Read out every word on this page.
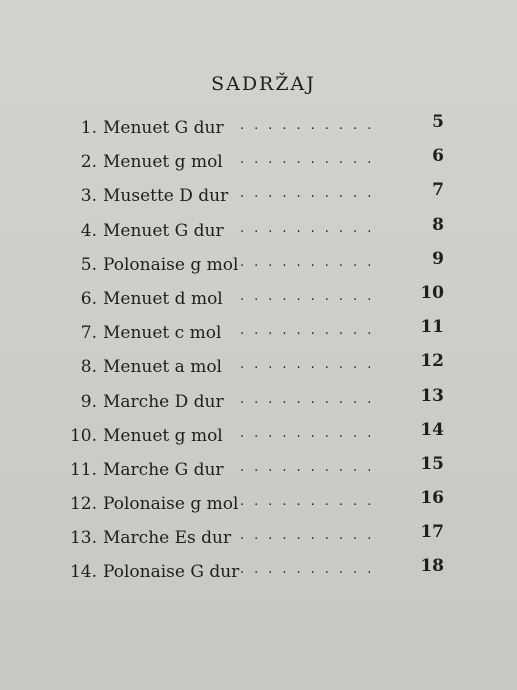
SADRŽAJ
1. Menuet G dur ..........	5
2. Menuet g mol ..........	6
3. Musette D dur ..........	7
4. Menuet G dur ..........	8
5. Polonaise g mol ..........	9
6. Menuet d mol ..........	10
7. Menuet c mol ..........	11
8. Menuet a mol ..........	12
9. Marche D dur ..........	13
10. Menuet g mol ..........	14
11. Marche G dur ..........	15
12. Polonaise g mol ..........	16
13. Marche Es dur ..........	17
14. Polonaise G dur ..........	18
